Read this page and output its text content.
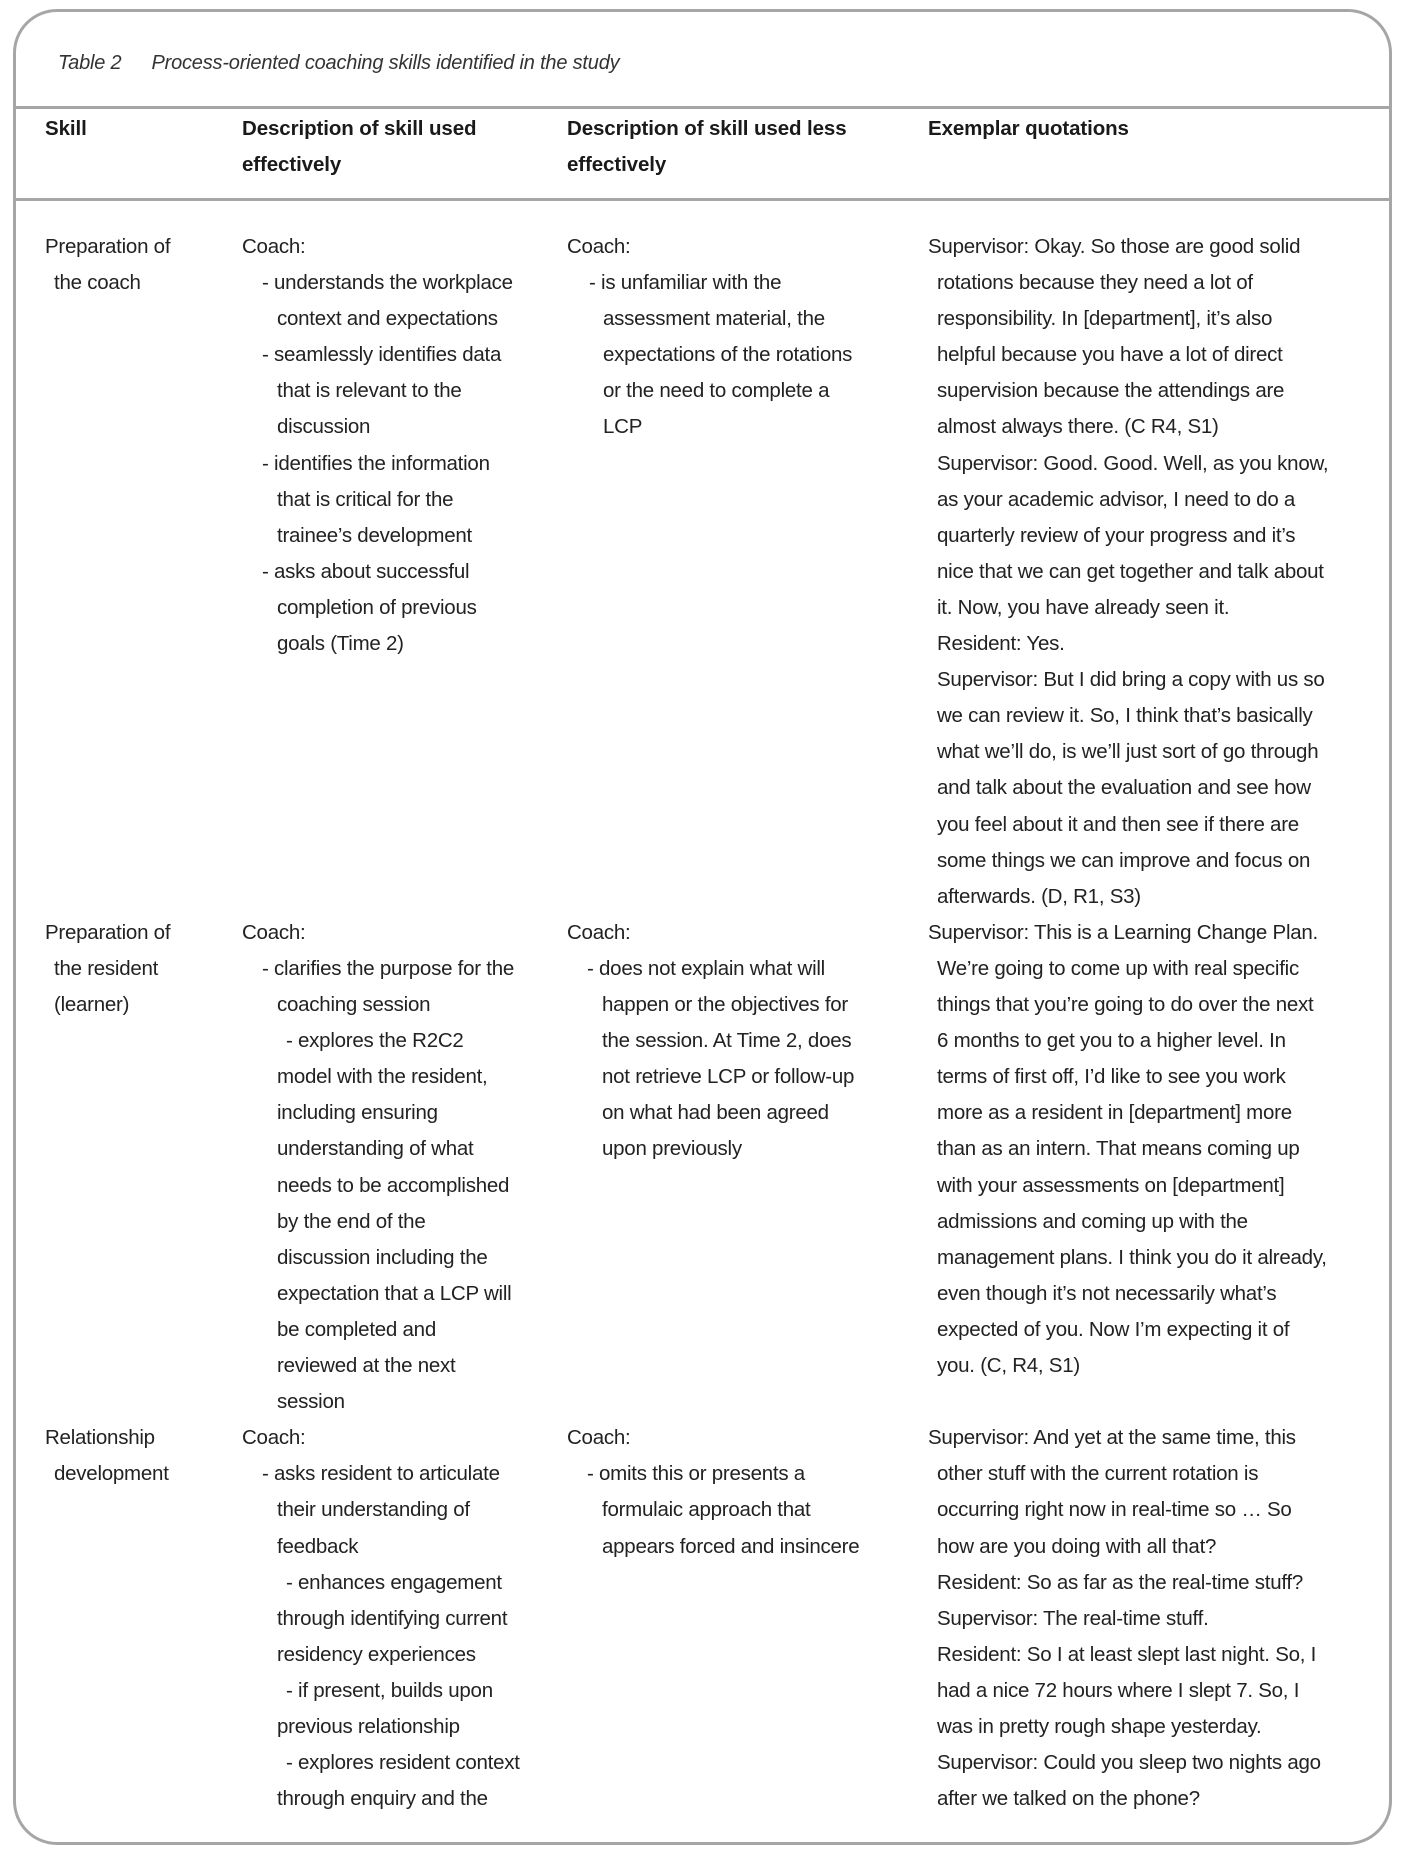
Table 2 Process-oriented coaching skills identified in the study
Skill	Description of skill used
effectively
Description of skill used less
effectively
Exemplar quotations
Preparation of
the coach
Coach:
- understands the workplace
context and expectations
- seamlessly identifies data
that is relevant to the
discussion
- identifies the information
that is critical for the
trainee’s development
- asks about successful
completion of previous
goals (Time 2)
Coach:
- is unfamiliar with the
assessment material, the
expectations of the rotations
or the need to complete a
LCP
Supervisor: Okay. So those are good solid
rotations because they need a lot of
responsibility. In [department], it’s also
helpful because you have a lot of direct
supervision because the attendings are
almost always there. (C R4, S1)
Supervisor: Good. Good. Well, as you know,
as your academic advisor, I need to do a
quarterly review of your progress and it’s
nice that we can get together and talk about
it. Now, you have already seen it.
Resident: Yes.
Supervisor: But I did bring a copy with us so
we can review it. So, I think that’s basically
what we’ll do, is we’ll just sort of go through
and talk about the evaluation and see how
you feel about it and then see if there are
some things we can improve and focus on
afterwards. (D, R1, S3)
Preparation of
the resident
(learner)
Coach:
- clarifies the purpose for the
coaching session
- explores the R2C2
model with the resident,
including ensuring
understanding of what
needs to be accomplished
by the end of the
discussion including the
expectation that a LCP will
be completed and
reviewed at the next
session
Coach:
- does not explain what will
happen or the objectives for
the session. At Time 2, does
not retrieve LCP or follow-up
on what had been agreed
upon previously
Supervisor: This is a Learning Change Plan.
We’re going to come up with real specific
things that you’re going to do over the next
6 months to get you to a higher level. In
terms of first off, I’d like to see you work
more as a resident in [department] more
than as an intern. That means coming up
with your assessments on [department]
admissions and coming up with the
management plans. I think you do it already,
even though it’s not necessarily what’s
expected of you. Now I’m expecting it of
you. (C, R4, S1)
Relationship
development
Coach:
- asks resident to articulate
their understanding of
feedback
- enhances engagement
through identifying current
residency experiences
- if present, builds upon
previous relationship
- explores resident context
through enquiry and the
Coach:
- omits this or presents a
formulaic approach that
appears forced and insincere
Supervisor: And yet at the same time, this
other stuff with the current rotation is
occurring right now in real-time so … So
how are you doing with all that?
Resident: So as far as the real-time stuff?
Supervisor: The real-time stuff.
Resident: So I at least slept last night. So, I
had a nice 72 hours where I slept 7. So, I
was in pretty rough shape yesterday.
Supervisor: Could you sleep two nights ago
after we talked on the phone?
